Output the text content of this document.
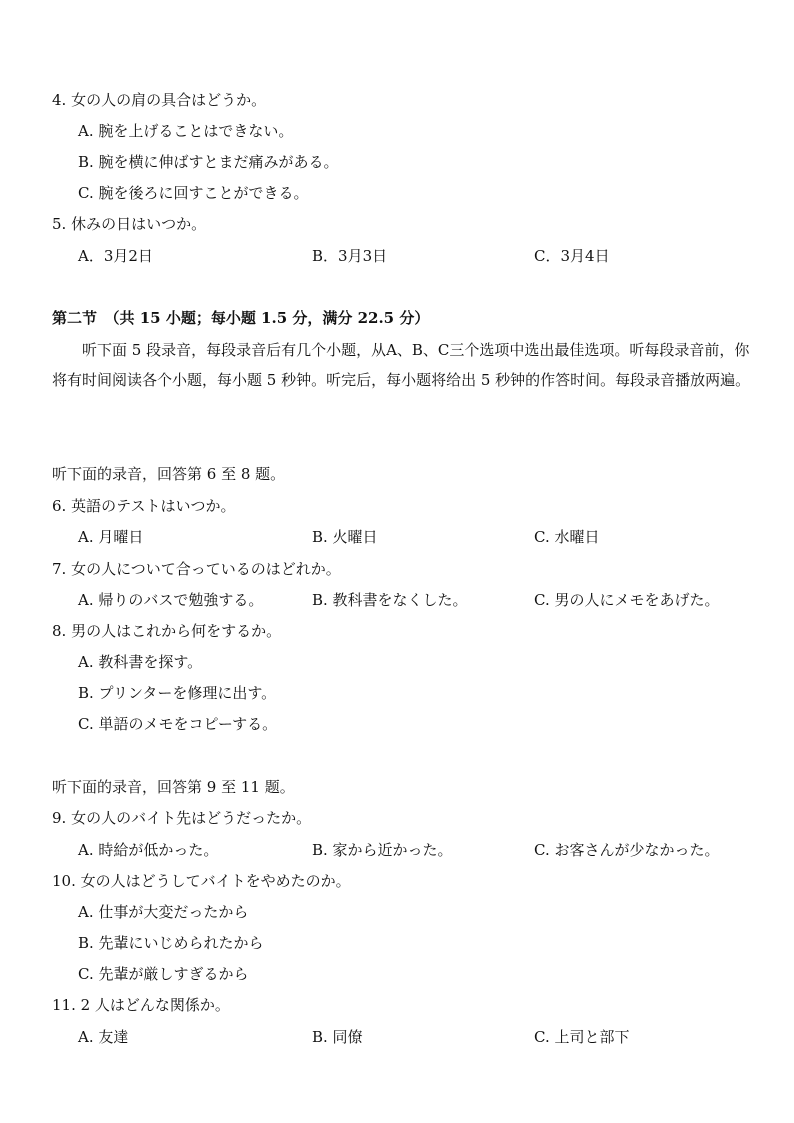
4. 女の人の肩の具合はどうか。
A. 腕を上げることはできない。
B. 腕を横に伸ばすとまだ痛みがある。
C. 腕を後ろに回すことができる。
5. 休みの日はいつか。
A．3月2日	B．3月3日	C．3月4日
第二节　（共 15 小题；每小题 1.5 分，满分 22.5 分）
听下面 5 段录音，每段录音后有几个小题，从A、B、C三个选项中选出最佳选项。听每段录音前，你将有时间阅读各个小题，每小题 5 秒钟。听完后，每小题将给出 5 秒钟的作答时间。每段录音播放两遍。
听下面的录音，回答第 6 至 8 题。
6. 英語のテストはいつか。
A. 月曜日	B. 火曜日	C. 水曜日
7. 女の人について合っているのはどれか。
A. 帰りのバスで勉強する。	B. 教科書をなくした。	C. 男の人にメモをあげた。
8. 男の人はこれから何をするか。
A. 教科書を探す。
B. プリンターを修理に出す。
C. 単語のメモをコピーする。
听下面的录音，回答第 9 至 11 题。
9. 女の人のバイト先はどうだったか。
A. 時給が低かった。	B. 家から近かった。	C. お客さんが少なかった。
10. 女の人はどうしてバイトをやめたのか。
A. 仕事が大変だったから
B. 先輩にいじめられたから
C. 先輩が厳しすぎるから
11. 2 人はどんな関係か。
A. 友達	B. 同僚	C. 上司と部下
